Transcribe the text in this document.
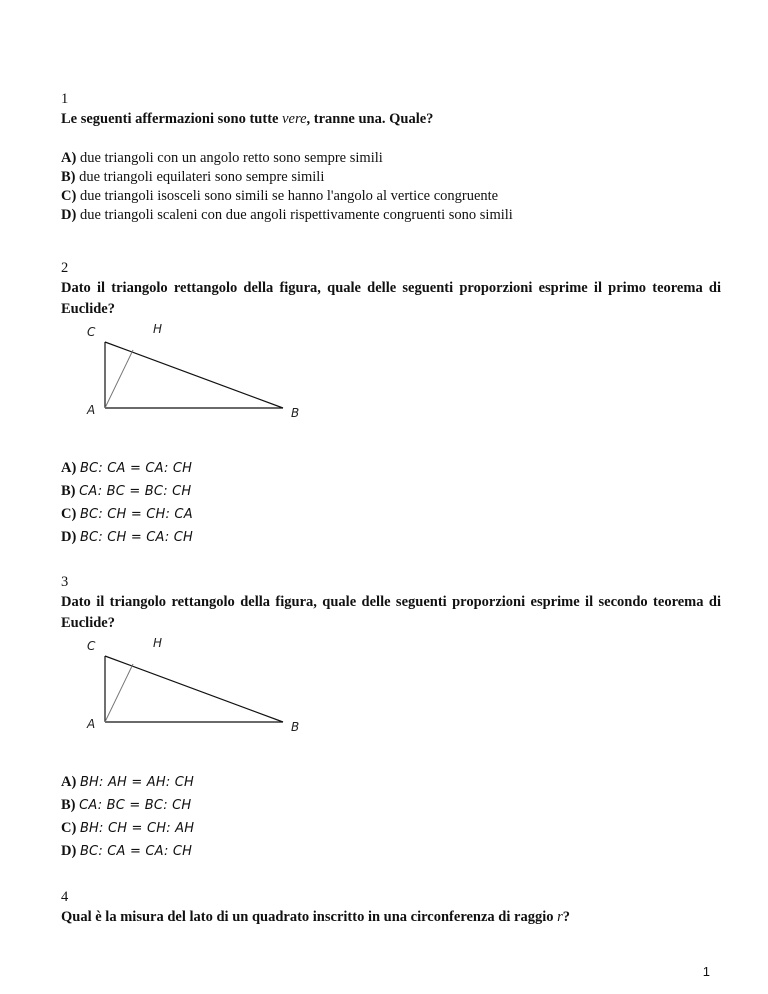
1
Le seguenti affermazioni sono tutte vere, tranne una. Quale?
A) due triangoli con un angolo retto sono sempre simili
B) due triangoli equilateri sono sempre simili
C) due triangoli isosceli sono simili se hanno l'angolo al vertice congruente
D) due triangoli scaleni con due angoli rispettivamente congruenti sono simili
2
Dato il triangolo rettangolo della figura, quale delle seguenti proporzioni esprime il primo teorema di Euclide?
C	H
A	B
A) BC: CA = CA: CH
B) CA: BC = BC: CH
C) BC: CH = CH: CA
D) BC: CH = CA: CH
3
Dato il triangolo rettangolo della figura, quale delle seguenti proporzioni esprime il secondo teorema di Euclide?
C	H
A	B
A) BH: AH = AH: CH
B) CA: BC = BC: CH
C) BH: CH = CH: AH
D) BC: CA = CA: CH
4
Qual è la misura del lato di un quadrato inscritto in una circonferenza di raggio r?
1
